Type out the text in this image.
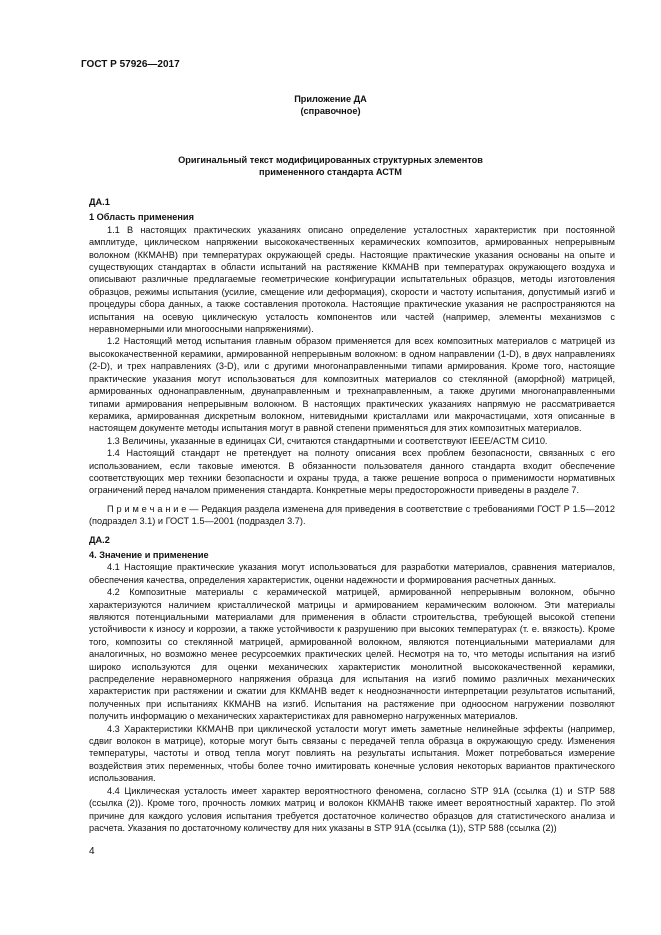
ГОСТ Р 57926—2017
Приложение ДА
(справочное)
Оригинальный текст модифицированных структурных элементов
примененного стандарта АСТМ

ДА.1

1 Область применения

1.1 В настоящих практических указаниях описано определение усталостных характеристик при постоянной амплитуде, циклическом напряжении высококачественных керамических композитов, армированных непрерывным волокном (ККМАНВ) при температурах окружающей среды. Настоящие практические указания основаны на опыте и существующих стандартах в области испытаний на растяжение ККМАНВ при температурах окружающего воздуха и описывают различные предлагаемые геометрические конфигурации испытательных образцов, методы изготовления образцов, режимы испытания (усилие, смещение или деформация), скорости и частоту испытания, допустимый изгиб и процедуры сбора данных, а также составления протокола. Настоящие практические указания не распространяются на испытания на осевую циклическую усталость компонентов или частей (например, элементы механизмов с неравномерными или многоосными напряжениями).

1.2 Настоящий метод испытания главным образом применяется для всех композитных материалов с матрицей из высококачественной керамики, армированной непрерывным волокном: в одном направлении (1-D), в двух направлениях (2-D), и трех направлениях (3-D), или с другими многонаправленными типами армирования. Кроме того, настоящие практические указания могут использоваться для композитных материалов со стеклянной (аморфной) матрицей, армированных однонаправленным, двунаправленным и трехнаправленным, а также другими многонаправленными типами армирования непрерывным волокном. В настоящих практических указаниях напрямую не рассматривается керамика, армированная дискретным волокном, нитевидными кристаллами или макрочастицами, хотя описанные в настоящем документе методы испытания могут в равной степени применяться для этих композитных материалов.

1.3 Величины, указанные в единицах СИ, считаются стандартными и соответствуют IEEE/ACTM СИ10.

1.4 Настоящий стандарт не претендует на полноту описания всех проблем безопасности, связанных с его использованием, если таковые имеются. В обязанности пользователя данного стандарта входит обеспечение соответствующих мер техники безопасности и охраны труда, а также решение вопроса о применимости нормативных ограничений перед началом применения стандарта. Конкретные меры предосторожности приведены в разделе 7.

П р и м е ч а н и е — Редакция раздела изменена для приведения в соответствие с требованиями ГОСТ Р 1.5—2012 (подраздел 3.1) и ГОСТ 1.5—2001 (подраздел 3.7).

ДА.2

4. Значение и применение

4.1 Настоящие практические указания могут использоваться для разработки материалов, сравнения материалов, обеспечения качества, определения характеристик, оценки надежности и формирования расчетных данных.

4.2 Композитные материалы с керамической матрицей, армированной непрерывным волокном, обычно характеризуются наличием кристаллической матрицы и армированием керамическим волокном. Эти материалы являются потенциальными материалами для применения в области строительства, требующей высокой степени устойчивости к износу и коррозии, а также устойчивости к разрушению при высоких температурах (т. е. вязкость). Кроме того, композиты со стеклянной матрицей, армированной волокном, являются потенциальными материалами для аналогичных, но возможно менее ресурсоемких практических целей. Несмотря на то, что методы испытания на изгиб широко используются для оценки механических характеристик монолитной высококачественной керамики, распределение неравномерного напряжения образца для испытания на изгиб помимо различных механических характеристик при растяжении и сжатии для ККМАНВ ведет к неоднозначности интерпретации результатов испытаний, полученных при испытаниях ККМАНВ на изгиб. Испытания на растяжение при одноосном нагружении позволяют получить информацию о механических характеристиках для равномерно нагруженных материалов.

4.3 Характеристики ККМАНВ при циклической усталости могут иметь заметные нелинейные эффекты (например, сдвиг волокон в матрице), которые могут быть связаны с передачей тепла образца в окружающую среду. Изменения температуры, частоты и отвод тепла могут повлиять на результаты испытания. Может потребоваться измерение воздействия этих переменных, чтобы более точно имитировать конечные условия некоторых вариантов практического использования.

4.4 Циклическая усталость имеет характер вероятностного феномена, согласно STP 91A (ссылка (1) и STP 588 (ссылка (2)). Кроме того, прочность ломких матриц и волокон ККМАНВ также имеет вероятностный характер. По этой причине для каждого условия испытания требуется достаточное количество образцов для статистического анализа и расчета. Указания по достаточному количеству для них указаны в STP 91A (ссылка (1)), STP 588 (ссылка (2))

4
